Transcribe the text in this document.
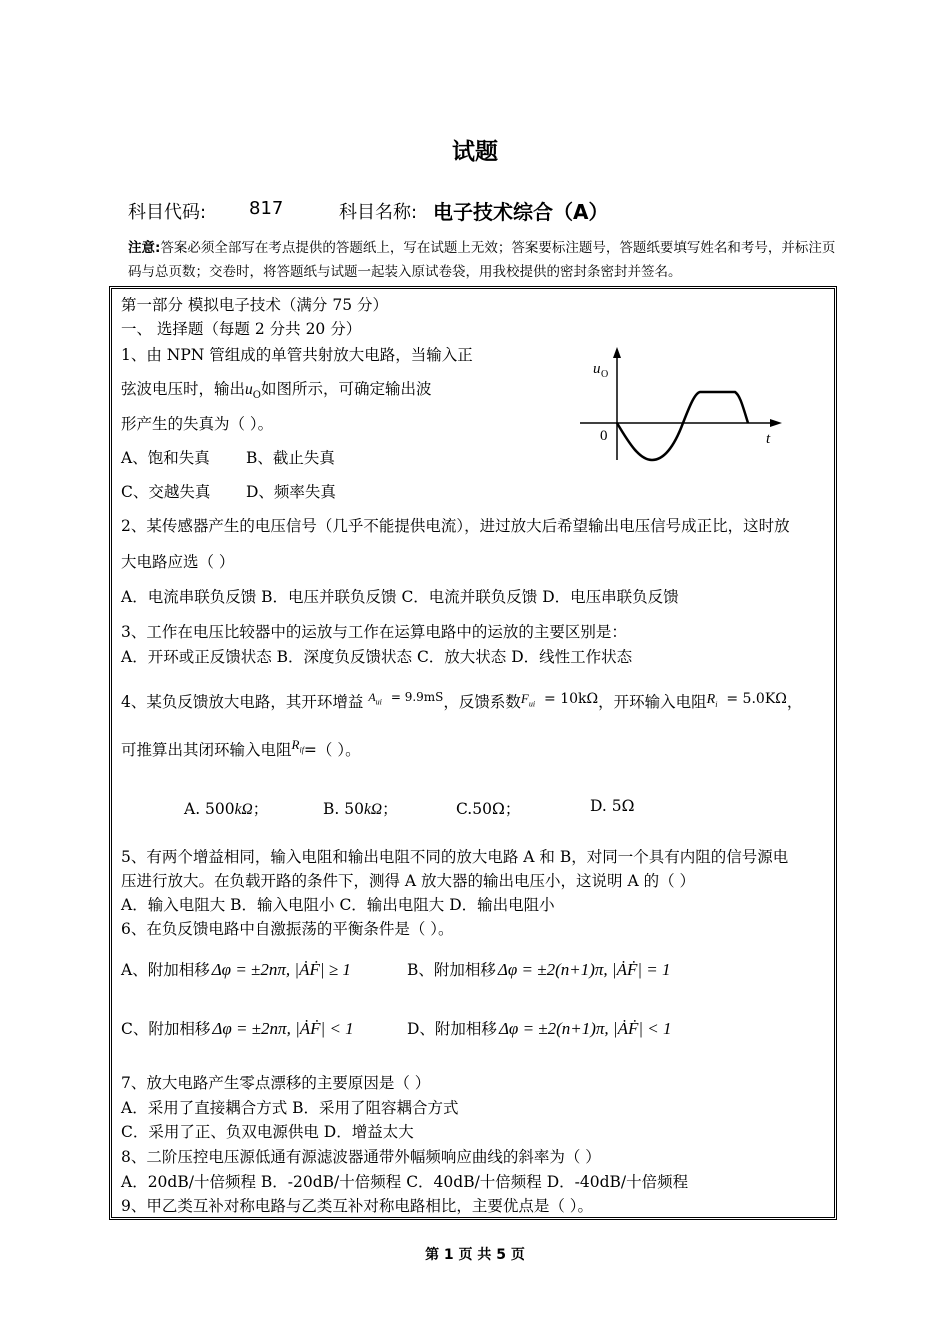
试题
科目代码: 817	科目名称: 电子技术综合（A）
注意:答案必须全部写在考点提供的答题纸上，写在试题上无效；答案要标注题号，答题纸要填写姓名和考号，并标注页码与总页数；交卷时，将答题纸与试题一起装入原试卷袋，用我校提供的密封条密封并签名。
第一部分 模拟电子技术（满分 75 分）
一、 选择题（每题 2 分共 20 分）
1、由 NPN 管组成的单管共射放大电路，当输入正
弦波电压时，输出$u_O$如图所示，可确定输出波
形产生的失真为（ ）。
A、饱和失真 B、截止失真
C、交越失真 D、频率失真
u O
0	t
2、某传感器产生的电压信号（几乎不能提供电流），进过放大后希望输出电压信号成正比，这时放
大电路应选（ ）
A．电流串联负反馈 B．电压并联负反馈 C．电流并联负反馈 D．电压串联负反馈
3、工作在电压比较器中的运放与工作在运算电路中的运放的主要区别是：
A．开环或正反馈状态 B．深度负反馈状态 C．放大状态 D．线性工作状态
4、某负反馈放大电路，其开环增益 $^{A_{ui}}$ $^{= 9.9mS}$，反馈系数$^{F_{ui}}$ = 10kΩ，开环输入电阻$R_i = 5.0K\Omega$，
可推算出其闭环输入电阻$^{R_{if}}$=（ ）。
A. 500kΩ；	B. 50kΩ；	C.50Ω；	D. 5Ω
5、有两个增益相同，输入电阻和输出电阻不同的放大电路 A 和 B，对同一个具有内阻的信号源电
压进行放大。在负载开路的条件下，测得 A 放大器的输出电压小，这说明 A 的（ ）
A．输入电阻大 B．输入电阻小 C．输出电阻大 D．输出电阻小
6、在负反馈电路中自激振荡的平衡条件是（ ）。
A、附加相移 Δφ = ±2nπ, |ȦḞ| ≥ 1	B、附加相移 Δφ = ±2(n+1)π, |ȦḞ| = 1
C、附加相移 Δφ = ±2nπ, |ȦḞ| < 1	D、附加相移 Δφ = ±2(n+1)π, |ȦḞ| < 1
7、放大电路产生零点漂移的主要原因是（ ）
A．采用了直接耦合方式 B．采用了阻容耦合方式
C．采用了正、负双电源供电 D．增益太大
8、二阶压控电压源低通有源滤波器通带外幅频响应曲线的斜率为（ ）
A．20dB/十倍频程 B．-20dB/十倍频程 C．40dB/十倍频程 D．-40dB/十倍频程
9、甲乙类互补对称电路与乙类互补对称电路相比，主要优点是（ ）。
第 1 页 共 5 页
